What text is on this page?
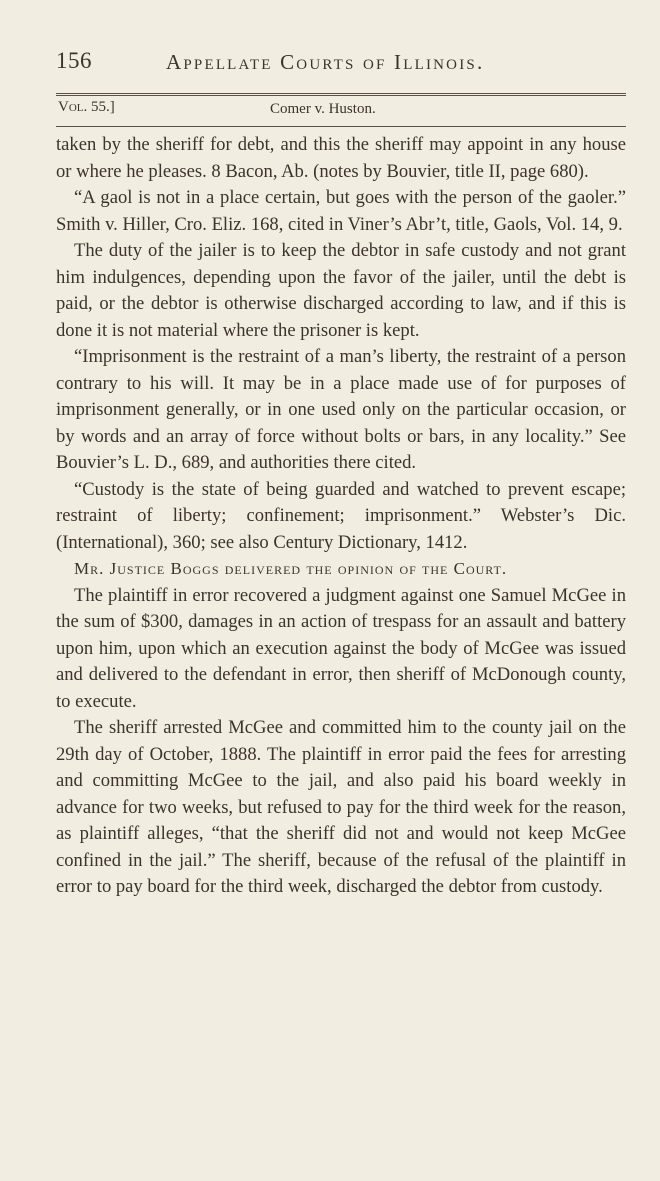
156	Appellate Courts of Illinois.
Vol. 55.]	Comer v. Huston.

taken by the sheriff for debt, and this the sheriff may appoint in any house or where he pleases. 8 Bacon, Ab. (notes by Bouvier, title II, page 680).

“A gaol is not in a place certain, but goes with the person of the gaoler.” Smith v. Hiller, Cro. Eliz. 168, cited in Viner’s Abr’t, title, Gaols, Vol. 14, 9.

The duty of the jailer is to keep the debtor in safe custody and not grant him indulgences, depending upon the favor of the jailer, until the debt is paid, or the debtor is otherwise discharged according to law, and if this is done it is not material where the prisoner is kept.

“Imprisonment is the restraint of a man’s liberty, the restraint of a person contrary to his will. It may be in a place made use of for purposes of imprisonment generally, or in one used only on the particular occasion, or by words and an array of force without bolts or bars, in any locality.” See Bouvier’s L. D., 689, and authorities there cited.

“Custody is the state of being guarded and watched to prevent escape; restraint of liberty; confinement; imprisonment.” Webster’s Dic. (International), 360; see also Century Dictionary, 1412.

Mr. Justice Boggs delivered the opinion of the Court.

The plaintiff in error recovered a judgment against one Samuel McGee in the sum of $300, damages in an action of trespass for an assault and battery upon him, upon which an execution against the body of McGee was issued and delivered to the defendant in error, then sheriff of McDonough county, to execute.

The sheriff arrested McGee and committed him to the county jail on the 29th day of October, 1888. The plaintiff in error paid the fees for arresting and committing McGee to the jail, and also paid his board weekly in advance for two weeks, but refused to pay for the third week for the reason, as plaintiff alleges, “that the sheriff did not and would not keep McGee confined in the jail.” The sheriff, because of the refusal of the plaintiff in error to pay board for the third week, discharged the debtor from custody.
